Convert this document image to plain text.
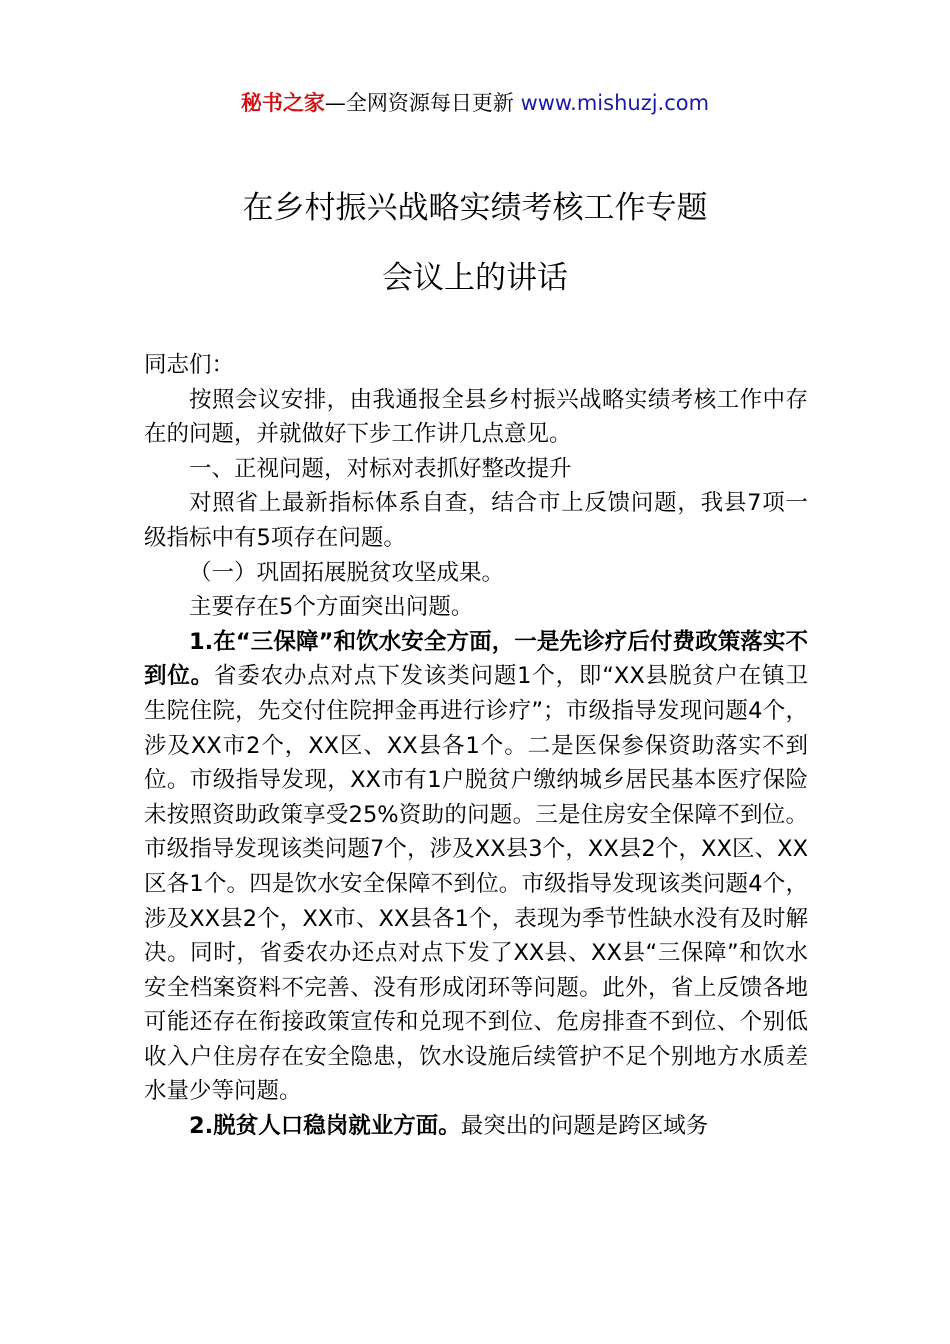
秘书之家—全网资源每日更新 www.mishuzj.com
在乡村振兴战略实绩考核工作专题
会议上的讲话

同志们：

按照会议安排，由我通报全县乡村振兴战略实绩考核工作中存在的问题，并就做好下步工作讲几点意见。

一、正视问题，对标对表抓好整改提升

对照省上最新指标体系自查，结合市上反馈问题，我县7项一级指标中有5项存在问题。

（一）巩固拓展脱贫攻坚成果。

主要存在5个方面突出问题。

1.在“三保障”和饮水安全方面，一是先诊疗后付费政策落实不到位。省委农办点对点下发该类问题1个，即“XX县脱贫户在镇卫生院住院，先交付住院押金再进行诊疗”；市级指导发现问题4个，涉及XX市2个，XX区、XX县各1个。二是医保参保资助落实不到位。市级指导发现，XX市有1户脱贫户缴纳城乡居民基本医疗保险未按照资助政策享受25%资助的问题。三是住房安全保障不到位。市级指导发现该类问题7个，涉及XX县3个，XX县2个，XX区、XX区各1个。四是饮水安全保障不到位。市级指导发现该类问题4个，涉及XX县2个，XX市、XX县各1个，表现为季节性缺水没有及时解决。同时，省委农办还点对点下发了XX县、XX县“三保障”和饮水安全档案资料不完善、没有形成闭环等问题。此外，省上反馈各地可能还存在衔接政策宣传和兑现不到位、危房排查不到位、个别低收入户住房存在安全隐患，饮水设施后续管护不足个别地方水质差水量少等问题。

2.脱贫人口稳岗就业方面。最突出的问题是跨区域务
